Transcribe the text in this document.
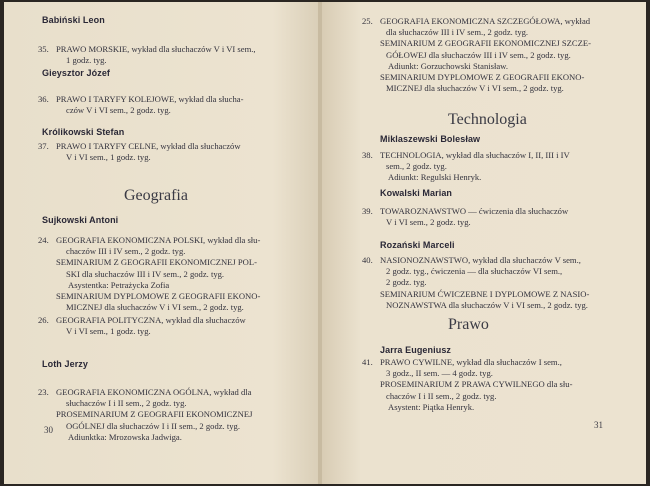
Babiński Leon
35. PRAWO MORSKIE, wykład dla słuchaczów V i VI sem.,
1 godz. tyg.
Gieysztor Józef
36. PRAWO I TARYFY KOLEJOWE, wykład dla słucha-
czów V i VI sem., 2 godz. tyg.
Królikowski Stefan
37. PRAWO I TARYFY CELNE, wykład dla słuchaczów
V i VI sem., 1 godz. tyg.
Geografia
Sujkowski Antoni
24. GEOGRAFIA EKONOMICZNA POLSKI, wykład dla słu-
chaczów III i IV sem., 2 godz. tyg.
SEMINARIUM Z GEOGRAFII EKONOMICZNEJ POL-
SKI dla słuchaczów III i IV sem., 2 godz. tyg.
Asystentka: Petrażycka Zofia
SEMINARIUM DYPLOMOWE Z GEOGRAFII EKONO-
MICZNEJ dla słuchaczów V i VI sem., 2 godz. tyg.
26. GEOGRAFIA POLITYCZNA, wykład dla słuchaczów
V i VI sem., 1 godz. tyg.
Loth Jerzy
23. GEOGRAFIA EKONOMICZNA OGÓLNA, wykład dla
słuchaczów I i II sem., 2 godz. tyg.
PROSEMINARIUM Z GEOGRAFII EKONOMICZNEJ
OGÓLNEJ dla słuchaczów I i II sem., 2 godz. tyg.
Adiunktka: Mrozowska Jadwiga.
30
25. GEOGRAFIA EKONOMICZNA SZCZEGÓŁOWA, wykład
dla słuchaczów III i IV sem., 2 godz. tyg.
SEMINARIUM Z GEOGRAFII EKONOMICZNEJ SZCZE-
GÓŁOWEJ dla słuchaczów III i IV sem., 2 godz. tyg.
Adiunkt: Gorzuchowski Stanisław.
SEMINARIUM DYPLOMOWE Z GEOGRAFII EKONO-
MICZNEJ dla słuchaczów V i VI sem., 2 godz. tyg.
Technologia
Miklaszewski Bolesław
38. TECHNOLOGIA, wykład dla słuchaczów I, II, III i IV
sem., 2 godz. tyg.
Adiunkt: Regulski Henryk.
Kowalski Marian
39. TOWAROZNAWSTWO — ćwiczenia dla słuchaczów
V i VI sem., 2 godz. tyg.
Rozański Marceli
40. NASIONOZNAWSTWO, wykład dla słuchaczów V sem.,
2 godz. tyg., ćwiczenia — dla słuchaczów VI sem.,
2 godz. tyg.
SEMINARIUM ĆWICZEBNE I DYPLOMOWE Z NASIO-
NOZNAWSTWA dla słuchaczów V i VI sem., 2 godz. tyg.
Prawo
Jarra Eugeniusz
41. PRAWO CYWILNE, wykład dla słuchaczów I sem.,
3 godz., II sem. — 4 godz. tyg.
PROSEMINARIUM Z PRAWA CYWILNEGO dla słu-
chaczów I i II sem., 2 godz. tyg.
Asystent: Piątka Henryk.
31
